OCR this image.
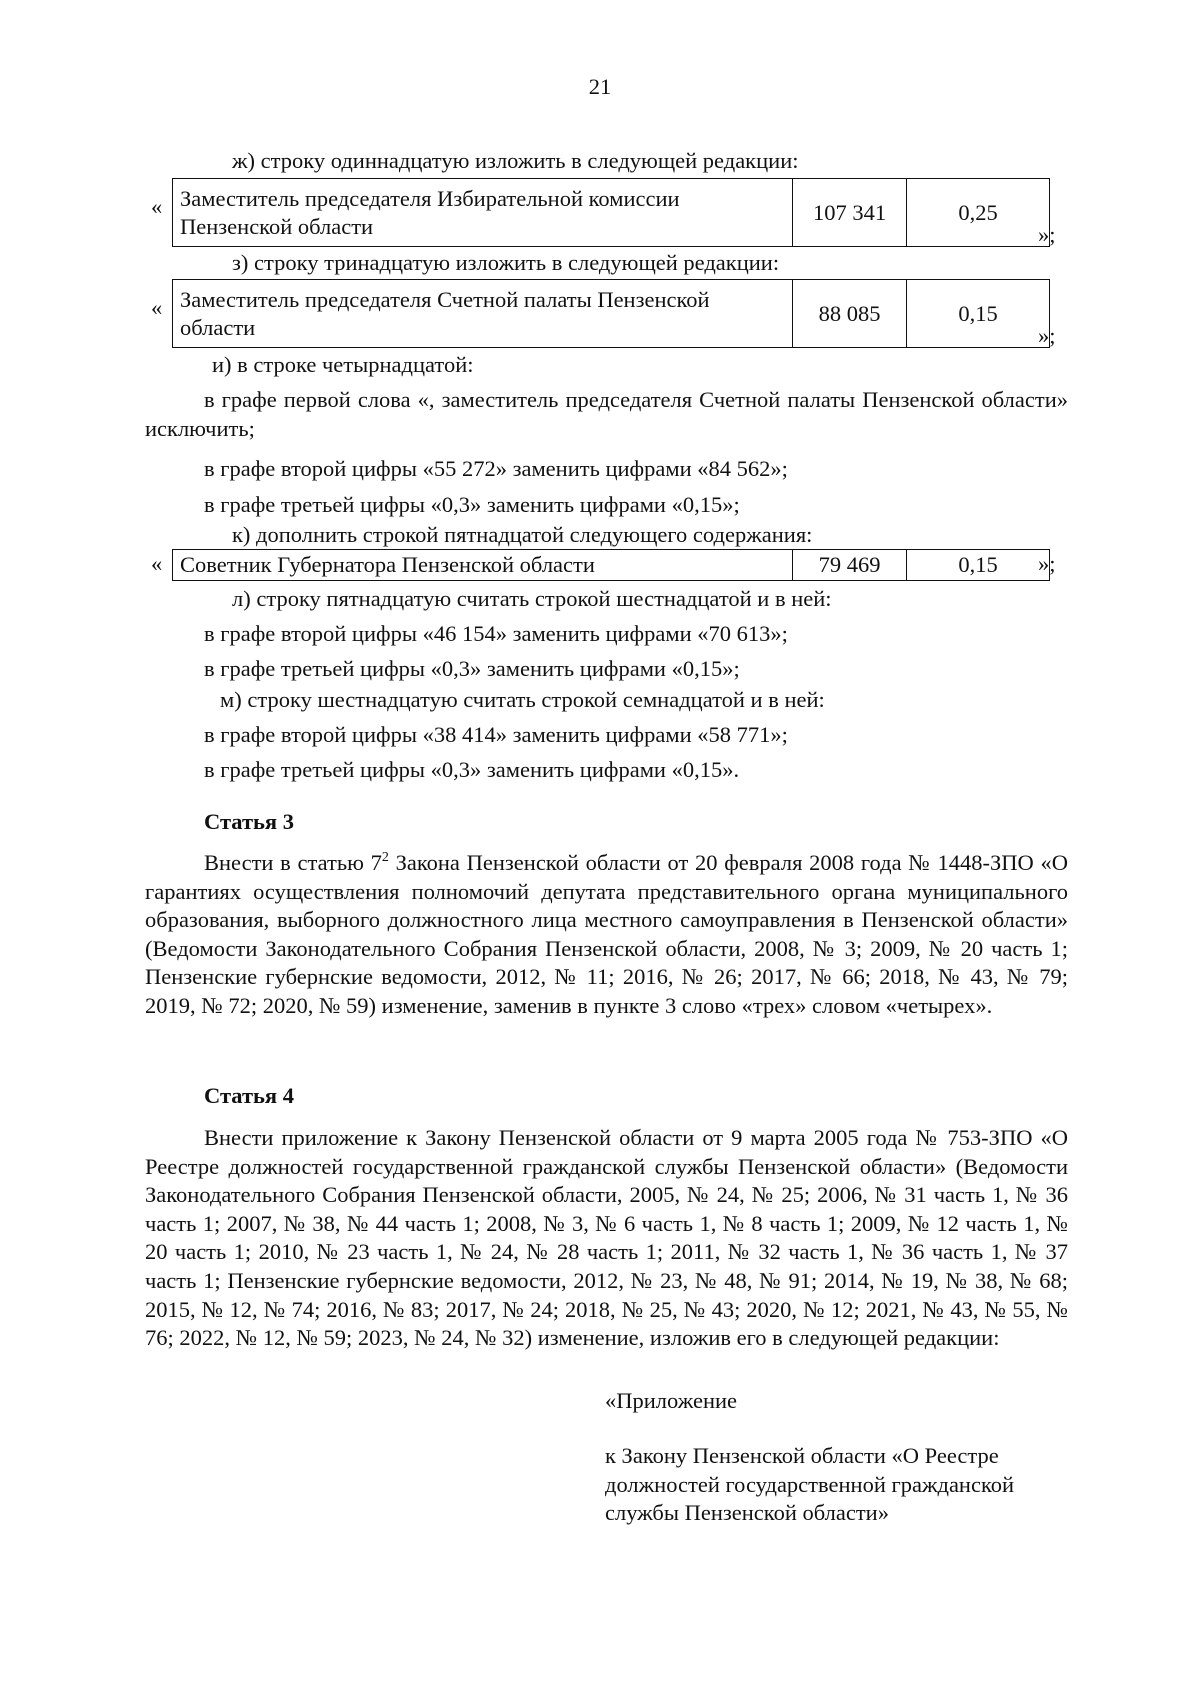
21
ж) строку одиннадцатую изложить в следующей редакции:
« Заместитель председателя Избирательной комиссии Пензенской области	107 341	0,25
»;
з) строку тринадцатую изложить в следующей редакции:
« Заместитель председателя Счетной палаты Пензенской области	88 085	0,15
»;
и) в строке четырнадцатой:

в графе первой слова «, заместитель председателя Счетной палаты Пензенской области» исключить;

в графе второй цифры «55 272» заменить цифрами «84 562»;
в графе третьей цифры «0,3» заменить цифрами «0,15»;
к) дополнить строкой пятнадцатой следующего содержания:
« Советник Губернатора Пензенской области	79 469	0,15 »;
л) строку пятнадцатую считать строкой шестнадцатой и в ней:
в графе второй цифры «46 154» заменить цифрами «70 613»;
в графе третьей цифры «0,3» заменить цифрами «0,15»;
м) строку шестнадцатую считать строкой семнадцатой и в ней:
в графе второй цифры «38 414» заменить цифрами «58 771»;
в графе третьей цифры «0,3» заменить цифрами «0,15».
Статья 3

Внести в статью $7^2$ Закона Пензенской области от 20 февраля 2008 года № 1448-ЗПО «О гарантиях осуществления полномочий депутата представительного органа муниципального образования, выборного должностного лица местного самоуправления в Пензенской области» (Ведомости Законодательного Собрания Пензенской области, 2008, № 3; 2009, № 20 часть 1; Пензенские губернские ведомости, 2012, № 11; 2016, № 26; 2017, № 66; 2018, № 43, № 79; 2019, № 72; 2020, № 59) изменение, заменив в пункте 3 слово «трех» словом «четырех».

Статья 4

Внести приложение к Закону Пензенской области от 9 марта 2005 года № 753-ЗПО «О Реестре должностей государственной гражданской службы Пензенской области» (Ведомости Законодательного Собрания Пензенской области, 2005, № 24, № 25; 2006, № 31 часть 1, № 36 часть 1; 2007, № 38, № 44 часть 1; 2008, № 3, № 6 часть 1, № 8 часть 1; 2009, № 12 часть 1, № 20 часть 1; 2010, № 23 часть 1, № 24, № 28 часть 1; 2011, № 32 часть 1, № 36 часть 1, № 37 часть 1; Пензенские губернские ведомости, 2012, № 23, № 48, № 91; 2014, № 19, № 38, № 68; 2015, № 12, № 74; 2016, № 83; 2017, № 24; 2018, № 25, № 43; 2020, № 12; 2021, № 43, № 55, № 76; 2022, № 12, № 59; 2023, № 24, № 32) изменение, изложив его в следующей редакции:

«Приложение
к Закону Пензенской области «О Реестре должностей государственной гражданской службы Пензенской области»
